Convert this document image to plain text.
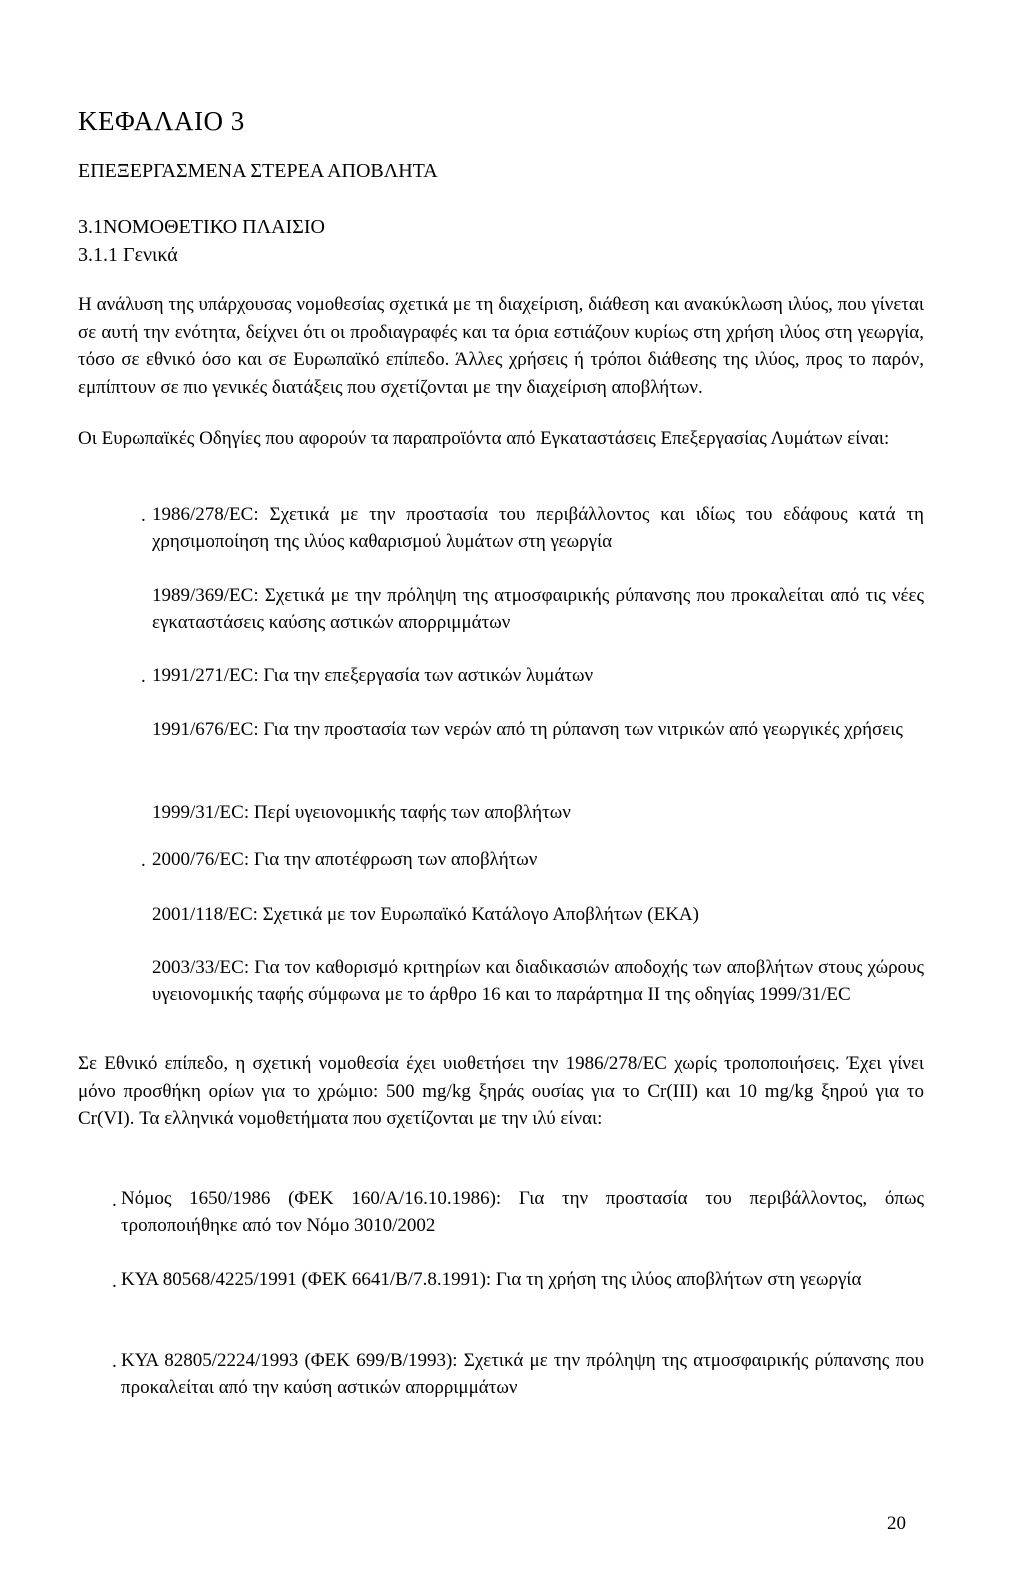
ΚΕΦΑΛΑΙΟ 3
ΕΠΕΞΕΡΓΑΣΜΕΝΑ ΣΤΕΡΕΑ ΑΠΟΒΛΗΤΑ
3.1ΝΟΜΟΘΕΤΙΚΟ ΠΛΑΙΣΙΟ
3.1.1 Γενικά

Η ανάλυση της υπάρχουσας νομοθεσίας σχετικά με τη διαχείριση, διάθεση και ανακύκλωση ιλύος, που γίνεται σε αυτή την ενότητα, δείχνει ότι οι προδιαγραφές και τα όρια εστιάζουν κυρίως στη χρήση ιλύος στη γεωργία, τόσο σε εθνικό όσο και σε Ευρωπαϊκό επίπεδο. Άλλες χρήσεις ή τρόποι διάθεσης της ιλύος, προς το παρόν, εμπίπτουν σε πιο γενικές διατάξεις που σχετίζονται με την διαχείριση αποβλήτων.

Οι Ευρωπαϊκές Οδηγίες που αφορούν τα παραπροϊόντα από Εγκαταστάσεις Επεξεργασίας Λυμάτων είναι:

. 1986/278/ΕC: Σχετικά με την προστασία του περιβάλλοντος και ιδίως του εδάφους κατά τη χρησιμοποίηση της ιλύος καθαρισμού λυμάτων στη γεωργία

1989/369/ΕC: Σχετικά με την πρόληψη της ατμοσφαιρικής ρύπανσης που προκαλείται από τις νέες εγκαταστάσεις καύσης αστικών απορριμμάτων

. 1991/271/ΕC: Για την επεξεργασία των αστικών λυμάτων

1991/676/ΕC: Για την προστασία των νερών από τη ρύπανση των νιτρικών από γεωργικές χρήσεις

1999/31/ΕC: Περί υγειονομικής ταφής των αποβλήτων

. 2000/76/ΕC: Για την αποτέφρωση των αποβλήτων

2001/118/ΕC: Σχετικά με τον Ευρωπαϊκό Κατάλογο Αποβλήτων (ΕΚΑ)

2003/33/ΕC: Για τον καθορισμό κριτηρίων και διαδικασιών αποδοχής των αποβλήτων στους χώρους υγειονομικής ταφής σύμφωνα με το άρθρο 16 και το παράρτημα II της οδηγίας 1999/31/ΕC

Σε Εθνικό επίπεδο, η σχετική νομοθεσία έχει υιοθετήσει την 1986/278/ΕC χωρίς τροποποιήσεις. Έχει γίνει μόνο προσθήκη ορίων για το χρώμιο: 500 mg/kg ξηράς ουσίας για το Cr(III) και 10 mg/kg ξηρού για το Cr(VI). Τα ελληνικά νομοθετήματα που σχετίζονται με την ιλύ είναι:

. Νόμος 1650/1986 (ΦΕΚ 160/Α/16.10.1986): Για την προστασία του περιβάλλοντος, όπως τροποποιήθηκε από τον Νόμο 3010/2002

. ΚΥΑ 80568/4225/1991 (ΦΕΚ 6641/Β/7.8.1991): Για τη χρήση της ιλύος αποβλήτων στη γεωργία

. ΚΥΑ 82805/2224/1993 (ΦΕΚ 699/Β/1993): Σχετικά με την πρόληψη της ατμοσφαιρικής ρύπανσης που προκαλείται από την καύση αστικών απορριμμάτων

20
